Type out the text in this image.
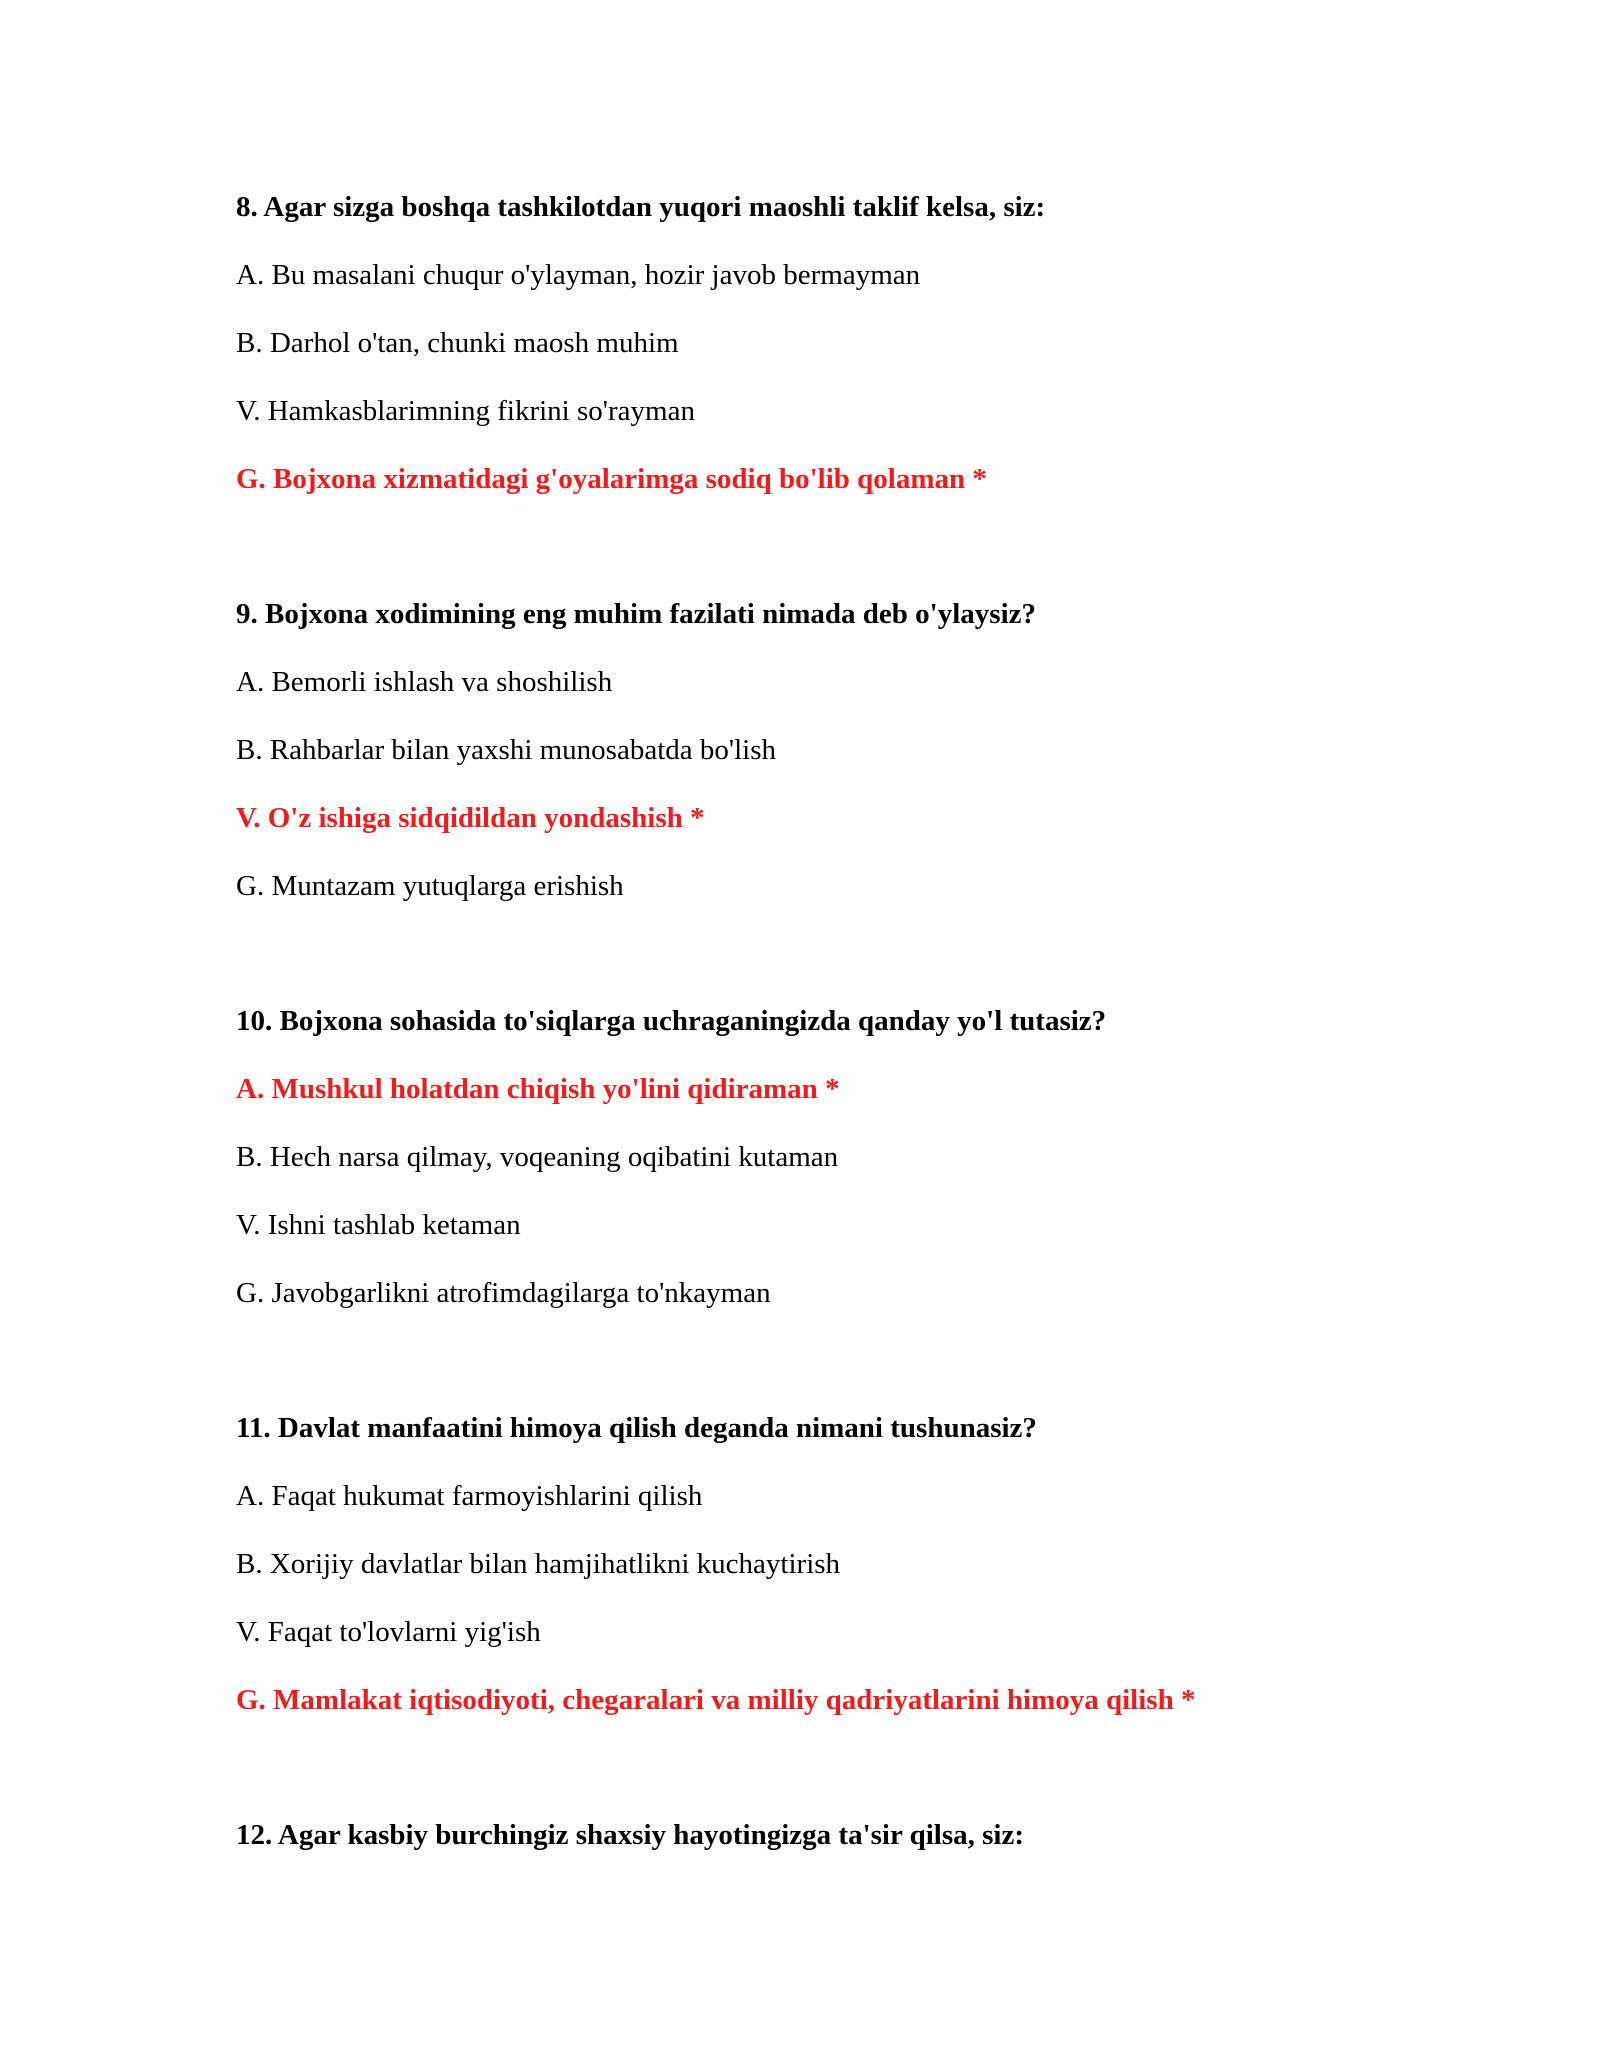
8. Agar sizga boshqa tashkilotdan yuqori maoshli taklif kelsa, siz:
A. Bu masalani chuqur o'ylayman, hozir javob bermayman
B. Darhol o'tan, chunki maosh muhim
V. Hamkasblarimning fikrini so'rayman
G. Bojxona xizmatidagi g'oyalarimga sodiq bo'lib qolaman *
9. Bojxona xodimining eng muhim fazilati nimada deb o'ylaysiz?
A. Bemorli ishlash va shoshilish
B. Rahbarlar bilan yaxshi munosabatda bo'lish
V. O'z ishiga sidqidildan yondashish *
G. Muntazam yutuqlarga erishish
10. Bojxona sohasida to'siqlarga uchraganingizda qanday yo'l tutasiz?
A. Mushkul holatdan chiqish yo'lini qidiraman *
B. Hech narsa qilmay, voqeaning oqibatini kutaman
V. Ishni tashlab ketaman
G. Javobgarlikni atrofimdagilarga to'nkayman
11. Davlat manfaatini himoya qilish deganda nimani tushunasiz?
A. Faqat hukumat farmoyishlarini qilish
B. Xorijiy davlatlar bilan hamjihatlikni kuchaytirish
V. Faqat to'lovlarni yig'ish
G. Mamlakat iqtisodiyoti, chegaralari va milliy qadriyatlarini himoya qilish *
12. Agar kasbiy burchingiz shaxsiy hayotingizga ta'sir qilsa, siz:
